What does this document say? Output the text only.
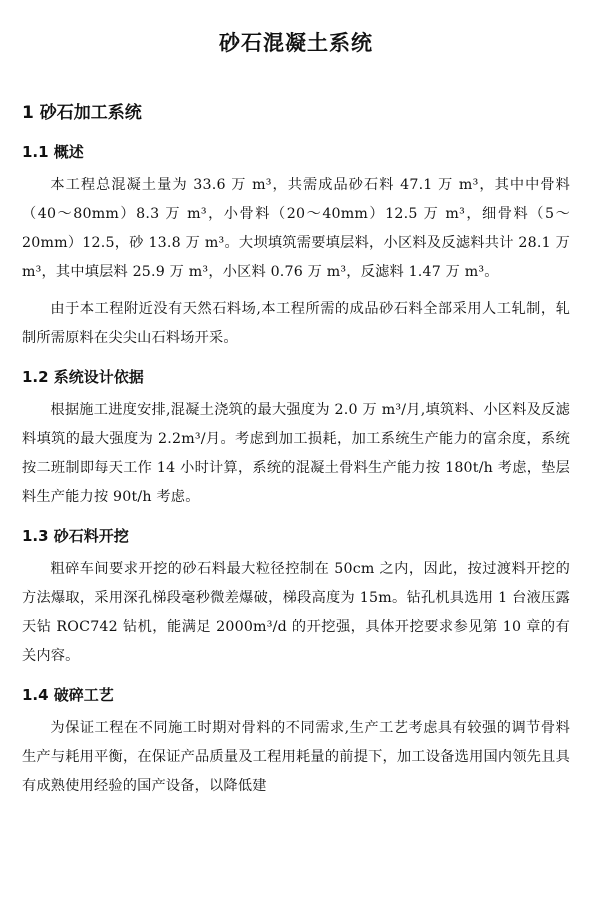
砂石混凝土系统
1 砂石加工系统
1.1 概述

本工程总混凝土量为 33.6 万 m³，共需成品砂石料 47.1 万 m³，其中中骨料（40～80mm）8.3 万 m³，小骨料（20～40mm）12.5 万 m³，细骨料（5～20mm）12.5，砂 13.8 万 m³。大坝填筑需要填层料，小区料及反滤料共计 28.1 万 m³，其中填层料 25.9 万 m³，小区料 0.76 万 m³，反滤料 1.47 万 m³。

由于本工程附近没有天然石料场,本工程所需的成品砂石料全部采用人工轧制，轧制所需原料在尖尖山石料场开采。

1.2 系统设计依据

根据施工进度安排,混凝土浇筑的最大强度为 2.0 万 m³/月,填筑料、小区料及反滤料填筑的最大强度为 2.2m³/月。考虑到加工损耗，加工系统生产能力的富余度，系统按二班制即每天工作 14 小时计算，系统的混凝土骨料生产能力按 180t/h 考虑，垫层料生产能力按 90t/h 考虑。

1.3 砂石料开挖

粗碎车间要求开挖的砂石料最大粒径控制在 50cm 之内，因此，按过渡料开挖的方法爆取，采用深孔梯段毫秒微差爆破，梯段高度为 15m。钻孔机具选用 1 台液压露天钻 ROC742 钻机，能满足 2000m³/d 的开挖强，具体开挖要求参见第 10 章的有关内容。

1.4 破碎工艺

为保证工程在不同施工时期对骨料的不同需求,生产工艺考虑具有较强的调节骨料生产与耗用平衡，在保证产品质量及工程用耗量的前提下，加工设备选用国内领先且具有成熟使用经验的国产设备，以降低建
